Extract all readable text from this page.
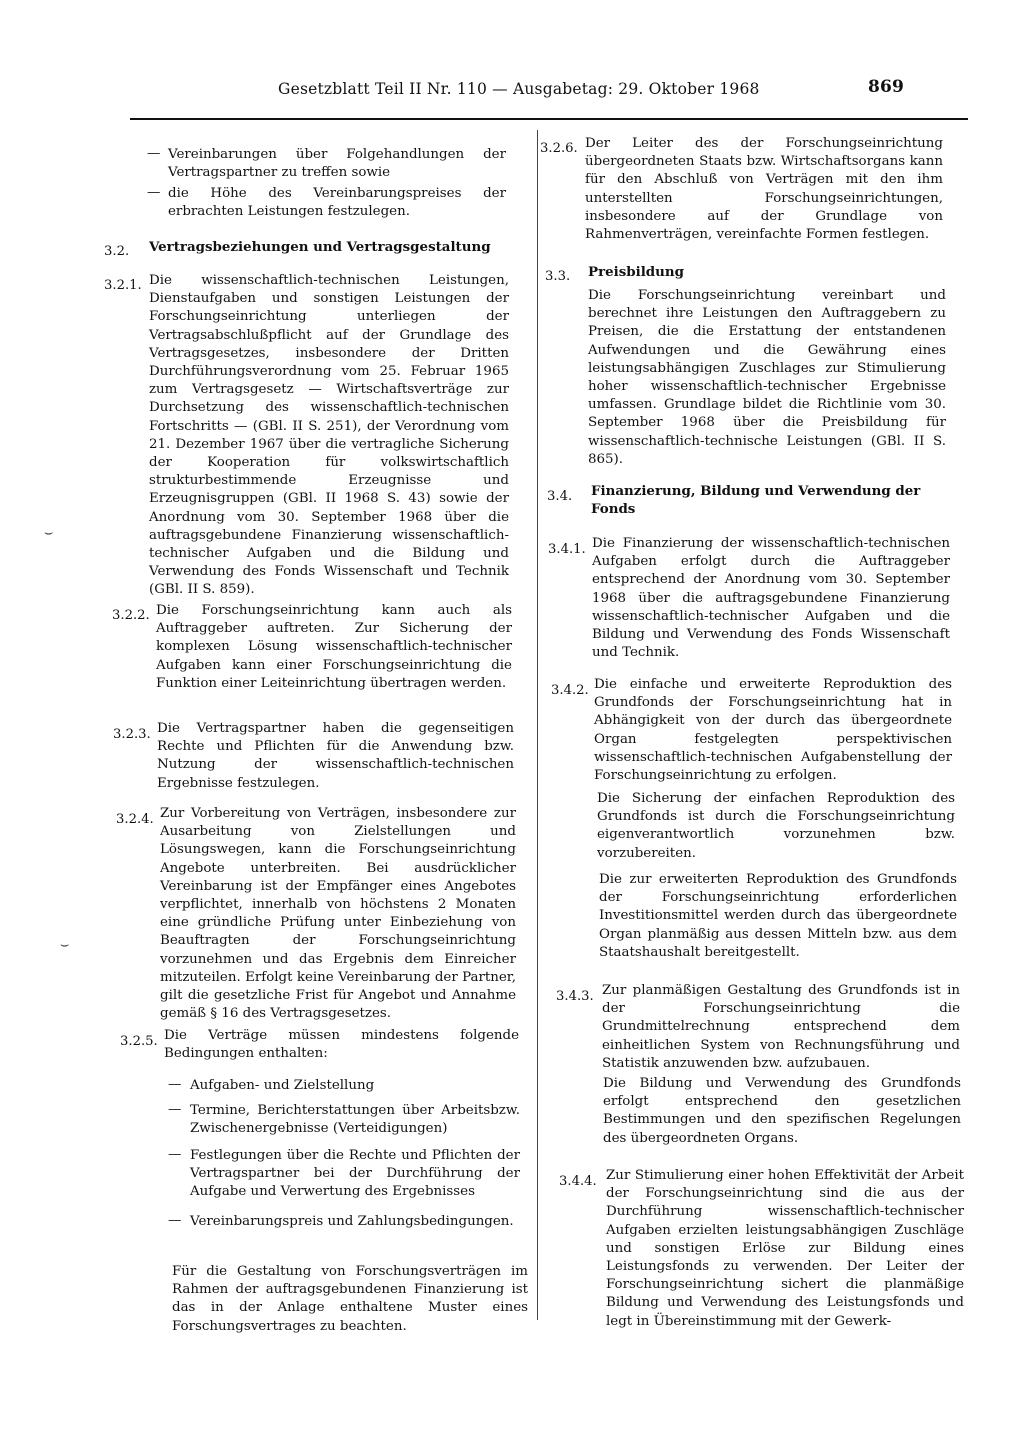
Gesetzblatt Teil II Nr. 110 — Ausgabetag: 29. Oktober 1968	869
⌣
⌣
— Vereinbarungen über Folgehandlungen der Vertragspartner zu treffen sowie

— die Höhe des Vereinbarungspreises der erbrachten Leistungen festzulegen.

3.2. Vertragsbeziehungen und Vertragsgestaltung
3.2.1. Die wissenschaftlich-technischen Leistungen, Dienstaufgaben und sonstigen Leistungen der Forschungseinrichtung unterliegen der Vertragsabschlußpflicht auf der Grundlage des Vertragsgesetzes, insbesondere der Dritten Durchführungsverordnung vom 25. Februar 1965 zum Vertragsgesetz — Wirtschaftsverträge zur Durchsetzung des wissenschaftlich-technischen Fortschritts — (GBl. II S. 251), der Verordnung vom 21. Dezember 1967 über die vertragliche Sicherung der Kooperation für volkswirtschaftlich strukturbestimmende Erzeugnisse und Erzeugnisgruppen (GBl. II 1968 S. 43) sowie der Anordnung vom 30. September 1968 über die auftragsgebundene Finanzierung wissenschaftlich-technischer Aufgaben und die Bildung und Verwendung des Fonds Wissenschaft und Technik (GBl. II S. 859).

3.2.2. Die Forschungseinrichtung kann auch als Auftraggeber auftreten. Zur Sicherung der komplexen Lösung wissenschaftlich-technischer Aufgaben kann einer Forschungseinrichtung die Funktion einer Leiteinrichtung übertragen werden.

3.2.3. Die Vertragspartner haben die gegenseitigen Rechte und Pflichten für die Anwendung bzw. Nutzung der wissenschaftlich-technischen Ergebnisse festzulegen.

3.2.4. Zur Vorbereitung von Verträgen, insbesondere zur Ausarbeitung von Zielstellungen und Lösungswegen, kann die Forschungseinrichtung Angebote unterbreiten. Bei ausdrücklicher Vereinbarung ist der Empfänger eines Angebotes verpflichtet, innerhalb von höchstens 2 Monaten eine gründliche Prüfung unter Einbeziehung von Beauftragten der Forschungseinrichtung vorzunehmen und das Ergebnis dem Einreicher mitzuteilen. Erfolgt keine Vereinbarung der Partner, gilt die gesetzliche Frist für Angebot und Annahme gemäß § 16 des Vertragsgesetzes.

3.2.5. Die Verträge müssen mindestens folgende Bedingungen enthalten:

— Aufgaben- und Zielstellung

— Termine, Berichterstattungen über Arbeitsbzw. Zwischenergebnisse (Verteidigungen)

— Festlegungen über die Rechte und Pflichten der Vertragspartner bei der Durchführung der Aufgabe und Verwertung des Ergebnisses

— Vereinbarungspreis und Zahlungsbedingungen.

Für die Gestaltung von Forschungsverträgen im Rahmen der auftragsgebundenen Finanzierung ist das in der Anlage enthaltene Muster eines Forschungsvertrages zu beachten.

3.2.6. Der Leiter des der Forschungseinrichtung übergeordneten Staats bzw. Wirtschaftsorgans kann für den Abschluß von Verträgen mit den ihm unterstellten Forschungseinrichtungen, insbesondere auf der Grundlage von Rahmenverträgen, vereinfachte Formen festlegen.

3.3. Preisbildung

Die Forschungseinrichtung vereinbart und berechnet ihre Leistungen den Auftraggebern zu Preisen, die die Erstattung der entstandenen Aufwendungen und die Gewährung eines leistungsabhängigen Zuschlages zur Stimulierung hoher wissenschaftlich-technischer Ergebnisse umfassen. Grundlage bildet die Richtlinie vom 30. September 1968 über die Preisbildung für wissenschaftlich-technische Leistungen (GBl. II S. 865).

3.4. Finanzierung, Bildung und Verwendung der Fonds
3.4.1. Die Finanzierung der wissenschaftlich-technischen Aufgaben erfolgt durch die Auftraggeber entsprechend der Anordnung vom 30. September 1968 über die auftragsgebundene Finanzierung wissenschaftlich-technischer Aufgaben und die Bildung und Verwendung des Fonds Wissenschaft und Technik.

3.4.2. Die einfache und erweiterte Reproduktion des Grundfonds der Forschungseinrichtung hat in Abhängigkeit von der durch das übergeordnete Organ festgelegten perspektivischen wissenschaftlich-technischen Aufgabenstellung der Forschungseinrichtung zu erfolgen.

Die Sicherung der einfachen Reproduktion des Grundfonds ist durch die Forschungseinrichtung eigenverantwortlich vorzunehmen bzw. vorzubereiten.

Die zur erweiterten Reproduktion des Grundfonds der Forschungseinrichtung erforderlichen Investitionsmittel werden durch das übergeordnete Organ planmäßig aus dessen Mitteln bzw. aus dem Staatshaushalt bereitgestellt.

3.4.3. Zur planmäßigen Gestaltung des Grundfonds ist in der Forschungseinrichtung die Grundmittelrechnung entsprechend dem einheitlichen System von Rechnungsführung und Statistik anzuwenden bzw. aufzubauen.

Die Bildung und Verwendung des Grundfonds erfolgt entsprechend den gesetzlichen Bestimmungen und den spezifischen Regelungen des übergeordneten Organs.

3.4.4. Zur Stimulierung einer hohen Effektivität der Arbeit der Forschungseinrichtung sind die aus der Durchführung wissenschaftlich-technischer Aufgaben erzielten leistungsabhängigen Zuschläge und sonstigen Erlöse zur Bildung eines Leistungsfonds zu verwenden. Der Leiter der Forschungseinrichtung sichert die planmäßige Bildung und Verwendung des Leistungsfonds und legt in Übereinstimmung mit der Gewerk-
